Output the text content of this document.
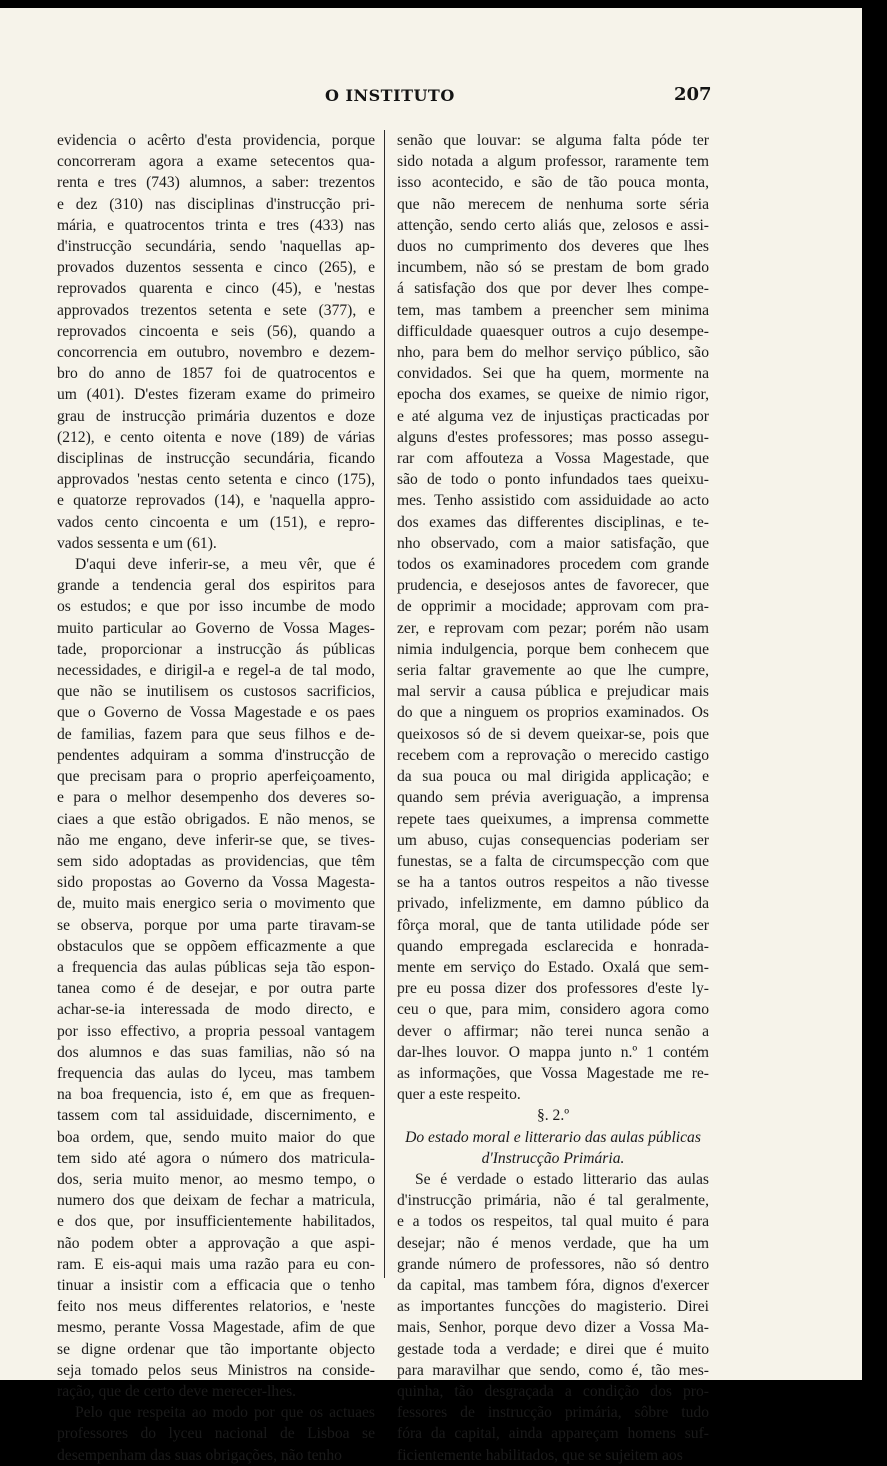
O INSTITUTO	207
evidencia o acêrto d'esta providencia, porque
concorreram agora a exame setecentos qua-
renta e tres (743) alumnos, a saber: trezentos
e dez (310) nas disciplinas d'instrucção pri-
mária, e quatrocentos trinta e tres (433) nas
d'instrucção secundária, sendo 'naquellas ap-
provados duzentos sessenta e cinco (265), e
reprovados quarenta e cinco (45), e 'nestas
approvados trezentos setenta e sete (377), e
reprovados cincoenta e seis (56), quando a
concorrencia em outubro, novembro e dezem-
bro do anno de 1857 foi de quatrocentos e
um (401). D'estes fizeram exame do primeiro
grau de instrucção primária duzentos e doze
(212), e cento oitenta e nove (189) de várias
disciplinas de instrucção secundária, ficando
approvados 'nestas cento setenta e cinco (175),
e quatorze reprovados (14), e 'naquella appro-
vados cento cincoenta e um (151), e repro-
vados sessenta e um (61).
D'aqui deve inferir-se, a meu vêr, que é
grande a tendencia geral dos espiritos para
os estudos; e que por isso incumbe de modo
muito particular ao Governo de Vossa Mages-
tade, proporcionar a instrucção ás públicas
necessidades, e dirigil-a e regel-a de tal modo,
que não se inutilisem os custosos sacrificios,
que o Governo de Vossa Magestade e os paes
de familias, fazem para que seus filhos e de-
pendentes adquiram a somma d'instrucção de
que precisam para o proprio aperfeiçoamento,
e para o melhor desempenho dos deveres so-
ciaes a que estão obrigados. E não menos, se
não me engano, deve inferir-se que, se tives-
sem sido adoptadas as providencias, que têm
sido propostas ao Governo da Vossa Magesta-
de, muito mais energico seria o movimento que
se observa, porque por uma parte tiravam-se
obstaculos que se oppõem efficazmente a que
a frequencia das aulas públicas seja tão espon-
tanea como é de desejar, e por outra parte
achar-se-ia interessada de modo directo, e
por isso effectivo, a propria pessoal vantagem
dos alumnos e das suas familias, não só na
frequencia das aulas do lyceu, mas tambem
na boa frequencia, isto é, em que as frequen-
tassem com tal assiduidade, discernimento, e
boa ordem, que, sendo muito maior do que
tem sido até agora o número dos matricula-
dos, seria muito menor, ao mesmo tempo, o
numero dos que deixam de fechar a matricula,
e dos que, por insufficientemente habilitados,
não podem obter a approvação a que aspi-
ram. E eis-aqui mais uma razão para eu con-
tinuar a insistir com a efficacia que o tenho
feito nos meus differentes relatorios, e 'neste
mesmo, perante Vossa Magestade, afim de que
se digne ordenar que tão importante objecto
seja tomado pelos seus Ministros na conside-
ração, que de certo deve merecer-lhes.
Pelo que respeita ao modo por que os actuaes
professores do lyceu nacional de Lisboa se
desempenham das suas obrigações, não tenho
senão que louvar: se alguma falta póde ter
sido notada a algum professor, raramente tem
isso acontecido, e são de tão pouca monta,
que não merecem de nenhuma sorte séria
attenção, sendo certo aliás que, zelosos e assi-
duos no cumprimento dos deveres que lhes
incumbem, não só se prestam de bom grado
á satisfação dos que por dever lhes compe-
tem, mas tambem a preencher sem minima
difficuldade quaesquer outros a cujo desempe-
nho, para bem do melhor serviço público, são
convidados. Sei que ha quem, mormente na
epocha dos exames, se queixe de nimio rigor,
e até alguma vez de injustiças practicadas por
alguns d'estes professores; mas posso assegu-
rar com affouteza a Vossa Magestade, que
são de todo o ponto infundados taes queixu-
mes. Tenho assistido com assiduidade ao acto
dos exames das differentes disciplinas, e te-
nho observado, com a maior satisfação, que
todos os examinadores procedem com grande
prudencia, e desejosos antes de favorecer, que
de opprimir a mocidade; approvam com pra-
zer, e reprovam com pezar; porém não usam
nimia indulgencia, porque bem conhecem que
seria faltar gravemente ao que lhe cumpre,
mal servir a causa pública e prejudicar mais
do que a ninguem os proprios examinados. Os
queixosos só de si devem queixar-se, pois que
recebem com a reprovação o merecido castigo
da sua pouca ou mal dirigida applicação; e
quando sem prévia averiguação, a imprensa
repete taes queixumes, a imprensa commette
um abuso, cujas consequencias poderiam ser
funestas, se a falta de circumspecção com que
se ha a tantos outros respeitos a não tivesse
privado, infelizmente, em damno público da
fôrça moral, que de tanta utilidade póde ser
quando empregada esclarecida e honrada-
mente em serviço do Estado. Oxalá que sem-
pre eu possa dizer dos professores d'este ly-
ceu o que, para mim, considero agora como
dever o affirmar; não terei nunca senão a
dar-lhes louvor. O mappa junto n.º 1 contém
as informações, que Vossa Magestade me re-
quer a este respeito.
§. 2.º
Do estado moral e litterario das aulas públicas
d'Instrucção Primária.
Se é verdade o estado litterario das aulas
d'instrucção primária, não é tal geralmente,
e a todos os respeitos, tal qual muito é para
desejar; não é menos verdade, que ha um
grande número de professores, não só dentro
da capital, mas tambem fóra, dignos d'exercer
as importantes funcções do magisterio. Direi
mais, Senhor, porque devo dizer a Vossa Ma-
gestade toda a verdade; e direi que é muito
para maravilhar que sendo, como é, tão mes-
quinha, tão desgraçada a condição dos pro-
fessores de instrucção primária, sôbre tudo
fóra da capital, ainda appareçam homens suf-
ficientemente habilitados, que se sujeitem aos
